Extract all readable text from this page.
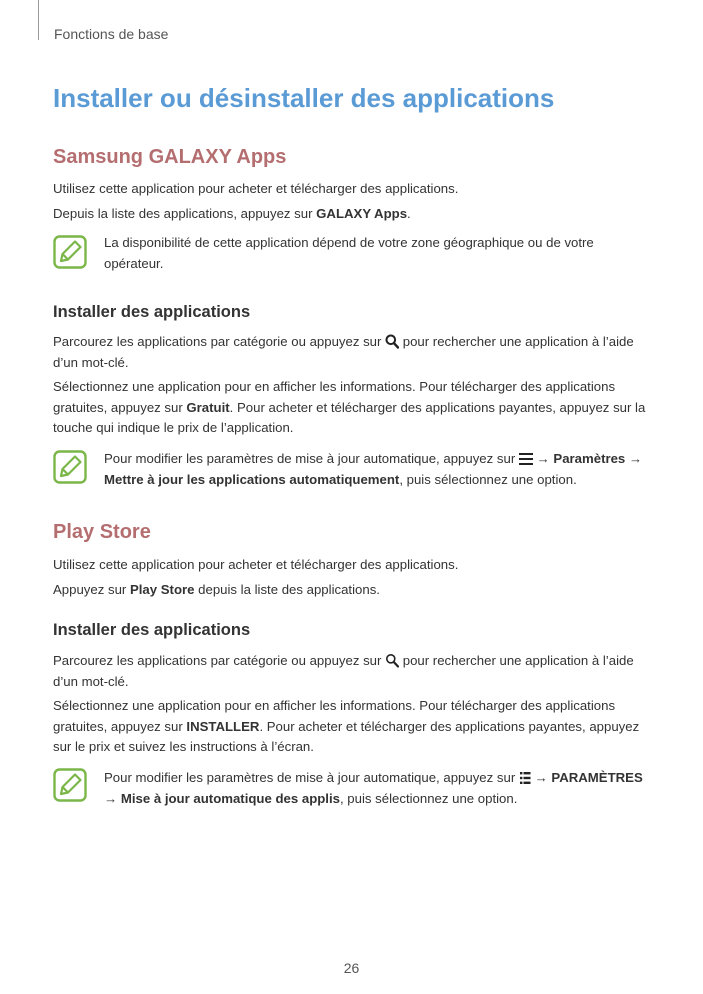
Fonctions de base
Installer ou désinstaller des applications
Samsung GALAXY Apps
Utilisez cette application pour acheter et télécharger des applications.
Depuis la liste des applications, appuyez sur GALAXY Apps.
La disponibilité de cette application dépend de votre zone géographique ou de votre opérateur.
Installer des applications
Parcourez les applications par catégorie ou appuyez sur  pour rechercher une application à l’aide d’un mot-clé.
Sélectionnez une application pour en afficher les informations. Pour télécharger des applications gratuites, appuyez sur Gratuit. Pour acheter et télécharger des applications payantes, appuyez sur la touche qui indique le prix de l’application.
Pour modifier les paramètres de mise à jour automatique, appuyez sur  → Paramètres → Mettre à jour les applications automatiquement, puis sélectionnez une option.
Play Store
Utilisez cette application pour acheter et télécharger des applications.
Appuyez sur Play Store depuis la liste des applications.
Installer des applications
Parcourez les applications par catégorie ou appuyez sur  pour rechercher une application à l’aide d’un mot-clé.
Sélectionnez une application pour en afficher les informations. Pour télécharger des applications gratuites, appuyez sur INSTALLER. Pour acheter et télécharger des applications payantes, appuyez sur le prix et suivez les instructions à l’écran.
Pour modifier les paramètres de mise à jour automatique, appuyez sur  → PARAMÈTRES
→ Mise à jour automatique des applis, puis sélectionnez une option.
26
